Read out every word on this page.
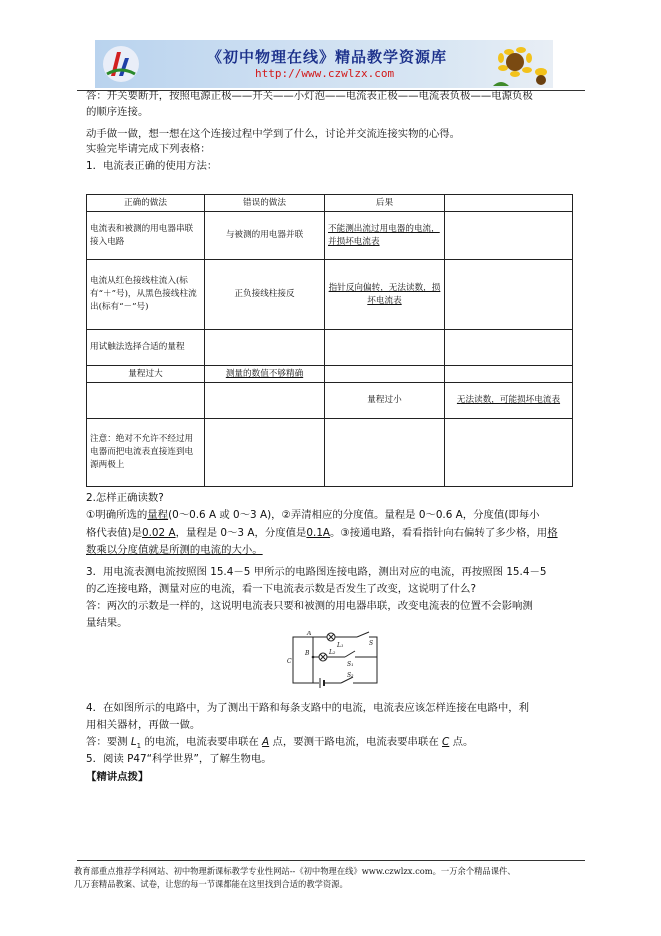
《初中物理在线》精品教学资源库
http://www.czwlzx.com
答：开关要断开，按照电源正极——开关——小灯泡——电流表正极——电流表负极——电源负极
的顺序连接。
动手做一做，想一想在这个连接过程中学到了什么，讨论并交流连接实物的心得。
实验完毕请完成下列表格：
1．电流表正确的使用方法：
正确的做法	错误的做法	后果	
电流表和被测的用电器串联接入电路	与被测的用电器并联	不能测出流过用电器的电流，并损坏电流表	
电流从红色接线柱流入(标有“＋”号)，从黑色接线柱流出(标有“－”号)	正负接线柱接反	指针反向偏转，无法读数，损坏电流表	
用试触法选择合适的量程			
量程过大	测量的数值不够精确		
		量程过小	无法读数，可能损坏电流表
注意：绝对不允许不经过用电器而把电流表直接连到电源两极上			
2.怎样正确读数?
①明确所选的量程(0～0.6 A 或 0～3 A)，②弄清相应的分度值。量程是 0～0.6 A，分度值(即每小
格代表值)是0.02 A，量程是 0～3 A，分度值是0.1A。③接通电路，看看指针向右偏转了多少格，用格
数乘以分度值就是所测的电流的大小。
3．用电流表测电流按照图 15.4－5 甲所示的电路图连接电路，测出对应的电流，再按照图 15.4－5
的乙连接电路，测量对应的电流，看一下电流表示数是否发生了改变，这说明了什么?
答：两次的示数是一样的，这说明电流表只要和被测的用电器串联，改变电流表的位置不会影响测
量结果。
A
B
C
L₁
L₂
S₁
S
S₂
4．在如图所示的电路中，为了测出干路和每条支路中的电流，电流表应该怎样连接在电路中，利
用相关器材，再做一做。
答：要测 $L_1$ 的电流，电流表要串联在 A 点，要测干路电流，电流表要串联在 C 点。
5．阅读 P47“科学世界”，了解生物电。
【精讲点拨】
教育部重点推荐学科网站、初中物理新课标教学专业性网站--《初中物理在线》www.czwlzx.com。一万余个精品课件、
几万套精品教案、试卷，让您的每一节课都能在这里找到合适的教学资源。
